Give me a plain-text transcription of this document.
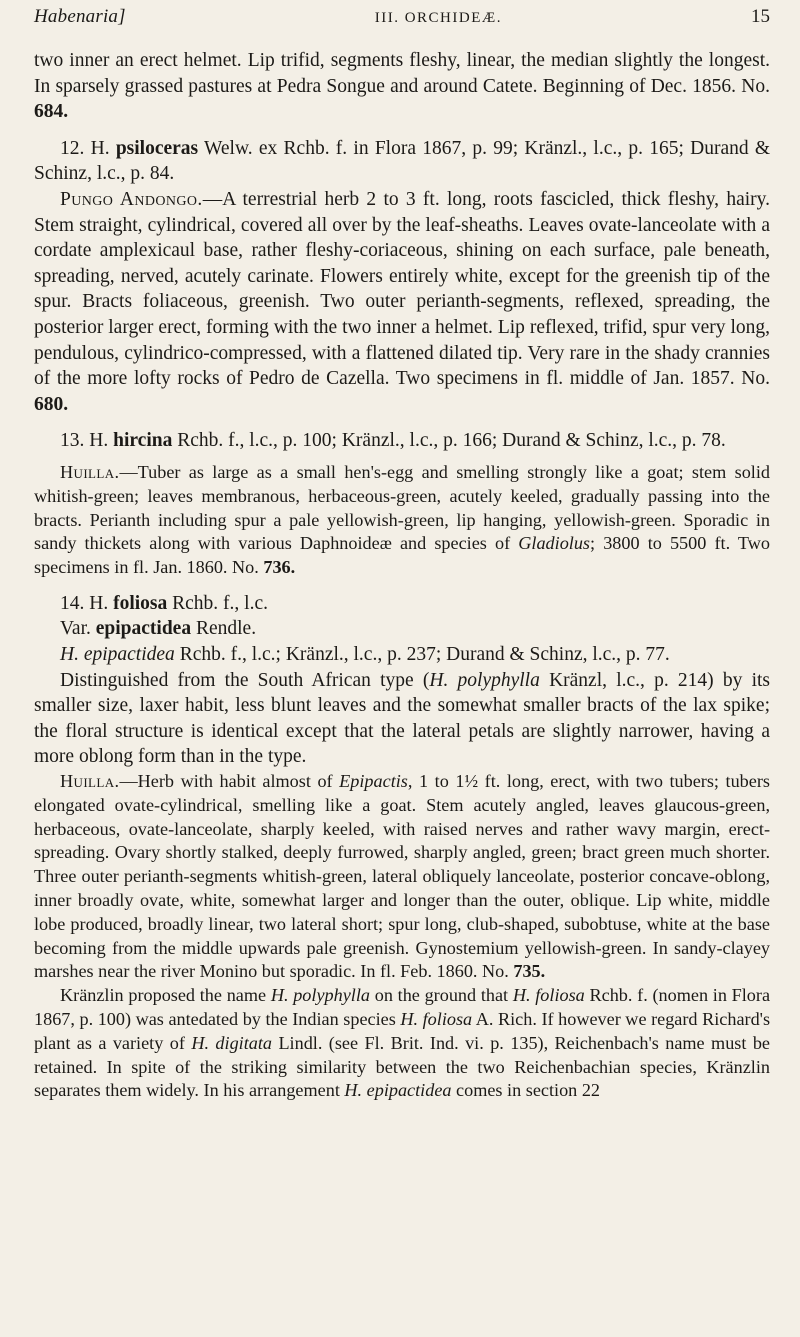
Habenaria]	III. ORCHIDEÆ.	15

two inner an erect helmet. Lip trifid, segments fleshy, linear, the median slightly the longest. In sparsely grassed pastures at Pedra Songue and around Catete. Beginning of Dec. 1856. No. 684.

12. H. psiloceras Welw. ex Rchb. f. in Flora 1867, p. 99; Kränzl., l.c., p. 165; Durand & Schinz, l.c., p. 84.

Pungo Andongo.—A terrestrial herb 2 to 3 ft. long, roots fascicled, thick fleshy, hairy. Stem straight, cylindrical, covered all over by the leaf-sheaths. Leaves ovate-lanceolate with a cordate amplexicaul base, rather fleshy-coriaceous, shining on each surface, pale beneath, spreading, nerved, acutely carinate. Flowers entirely white, except for the greenish tip of the spur. Bracts foliaceous, greenish. Two outer perianth-segments, reflexed, spreading, the posterior larger erect, forming with the two inner a helmet. Lip reflexed, trifid, spur very long, pendulous, cylindrico-compressed, with a flattened dilated tip. Very rare in the shady crannies of the more lofty rocks of Pedro de Cazella. Two specimens in fl. middle of Jan. 1857. No. 680.

13. H. hircina Rchb. f., l.c., p. 100; Kränzl., l.c., p. 166; Durand & Schinz, l.c., p. 78.

Huilla.—Tuber as large as a small hen's-egg and smelling strongly like a goat; stem solid whitish-green; leaves membranous, herbaceous-green, acutely keeled, gradually passing into the bracts. Perianth including spur a pale yellowish-green, lip hanging, yellowish-green. Sporadic in sandy thickets along with various Daphnoideæ and species of Gladiolus; 3800 to 5500 ft. Two specimens in fl. Jan. 1860. No. 736.

14. H. foliosa Rchb. f., l.c.

Var. epipactidea Rendle.

H. epipactidea Rchb. f., l.c.; Kränzl., l.c., p. 237; Durand & Schinz, l.c., p. 77.

Distinguished from the South African type (H. polyphylla Kränzl, l.c., p. 214) by its smaller size, laxer habit, less blunt leaves and the somewhat smaller bracts of the lax spike; the floral structure is identical except that the lateral petals are slightly narrower, having a more oblong form than in the type.

Huilla.—Herb with habit almost of Epipactis, 1 to 1½ ft. long, erect, with two tubers; tubers elongated ovate-cylindrical, smelling like a goat. Stem acutely angled, leaves glaucous-green, herbaceous, ovate-lanceolate, sharply keeled, with raised nerves and rather wavy margin, erect-spreading. Ovary shortly stalked, deeply furrowed, sharply angled, green; bract green much shorter. Three outer perianth-segments whitish-green, lateral obliquely lanceolate, posterior concave-oblong, inner broadly ovate, white, somewhat larger and longer than the outer, oblique. Lip white, middle lobe produced, broadly linear, two lateral short; spur long, club-shaped, subobtuse, white at the base becoming from the middle upwards pale greenish. Gynostemium yellowish-green. In sandy-clayey marshes near the river Monino but sporadic. In fl. Feb. 1860. No. 735.

Kränzlin proposed the name H. polyphylla on the ground that H. foliosa Rchb. f. (nomen in Flora 1867, p. 100) was antedated by the Indian species H. foliosa A. Rich. If however we regard Richard's plant as a variety of H. digitata Lindl. (see Fl. Brit. Ind. vi. p. 135), Reichenbach's name must be retained. In spite of the striking similarity between the two Reichenbachian species, Kränzlin separates them widely. In his arrangement H. epipactidea comes in section 22
